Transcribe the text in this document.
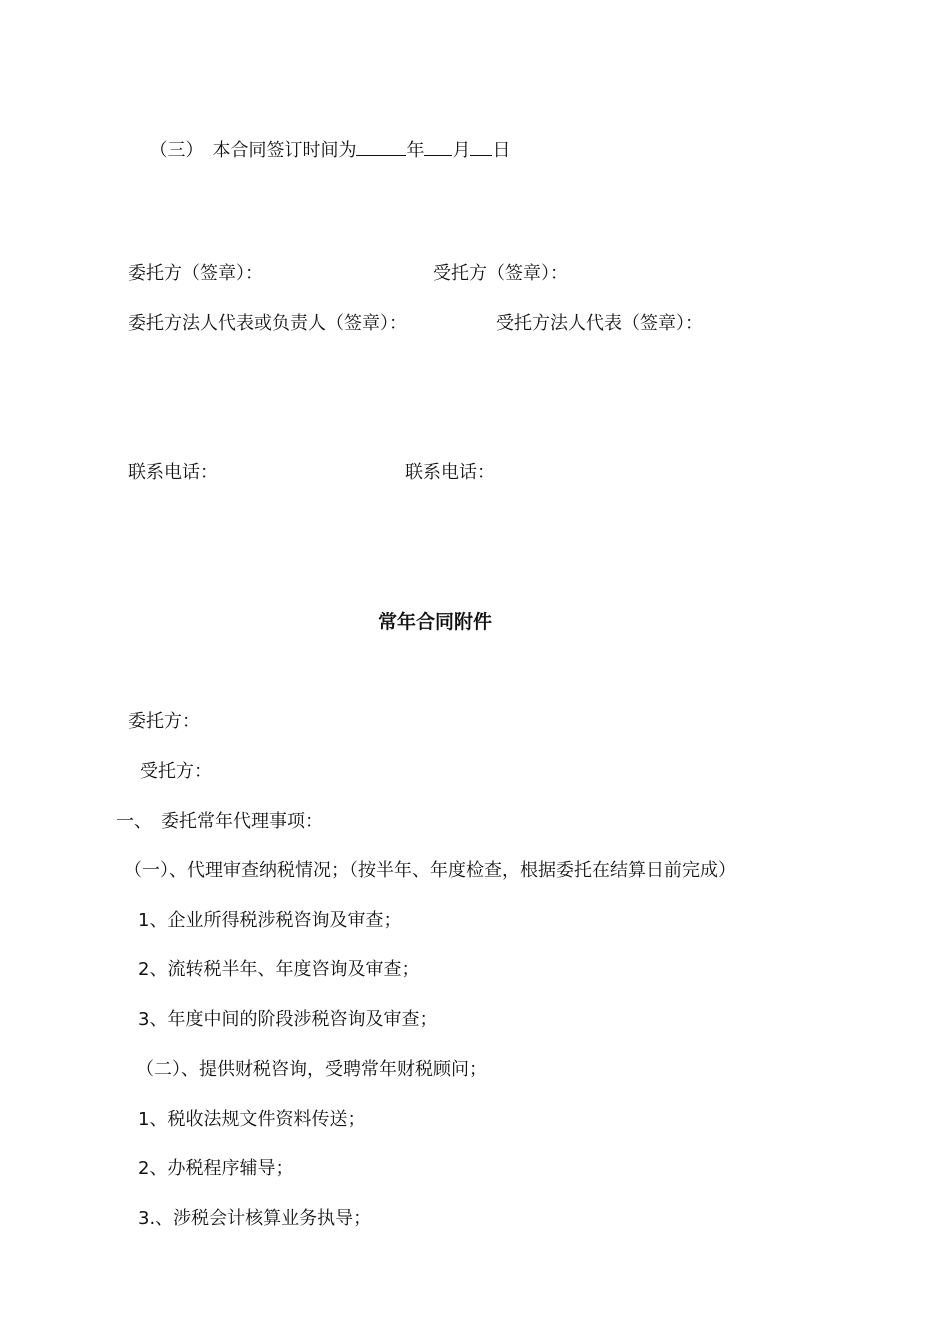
（三）　本合同签订时间为	年 月 日

委托方（签章）：	受托方（签章）：
委托方法人代表或负责人（签章）：	受托方法人代表（签章）：
联系电话：	联系电话：
常年合同附件
委托方：
受托方：
一、　委托常年代理事项：
（一）、代理审查纳税情况；（按半年、年度检查，根据委托在结算日前完成）
1、企业所得税涉税咨询及审查；
2、流转税半年、年度咨询及审查；
3、年度中间的阶段涉税咨询及审查；
（二）、提供财税咨询，受聘常年财税顾问；
1、税收法规文件资料传送；
2、办税程序辅导；
3.、涉税会计核算业务执导；
